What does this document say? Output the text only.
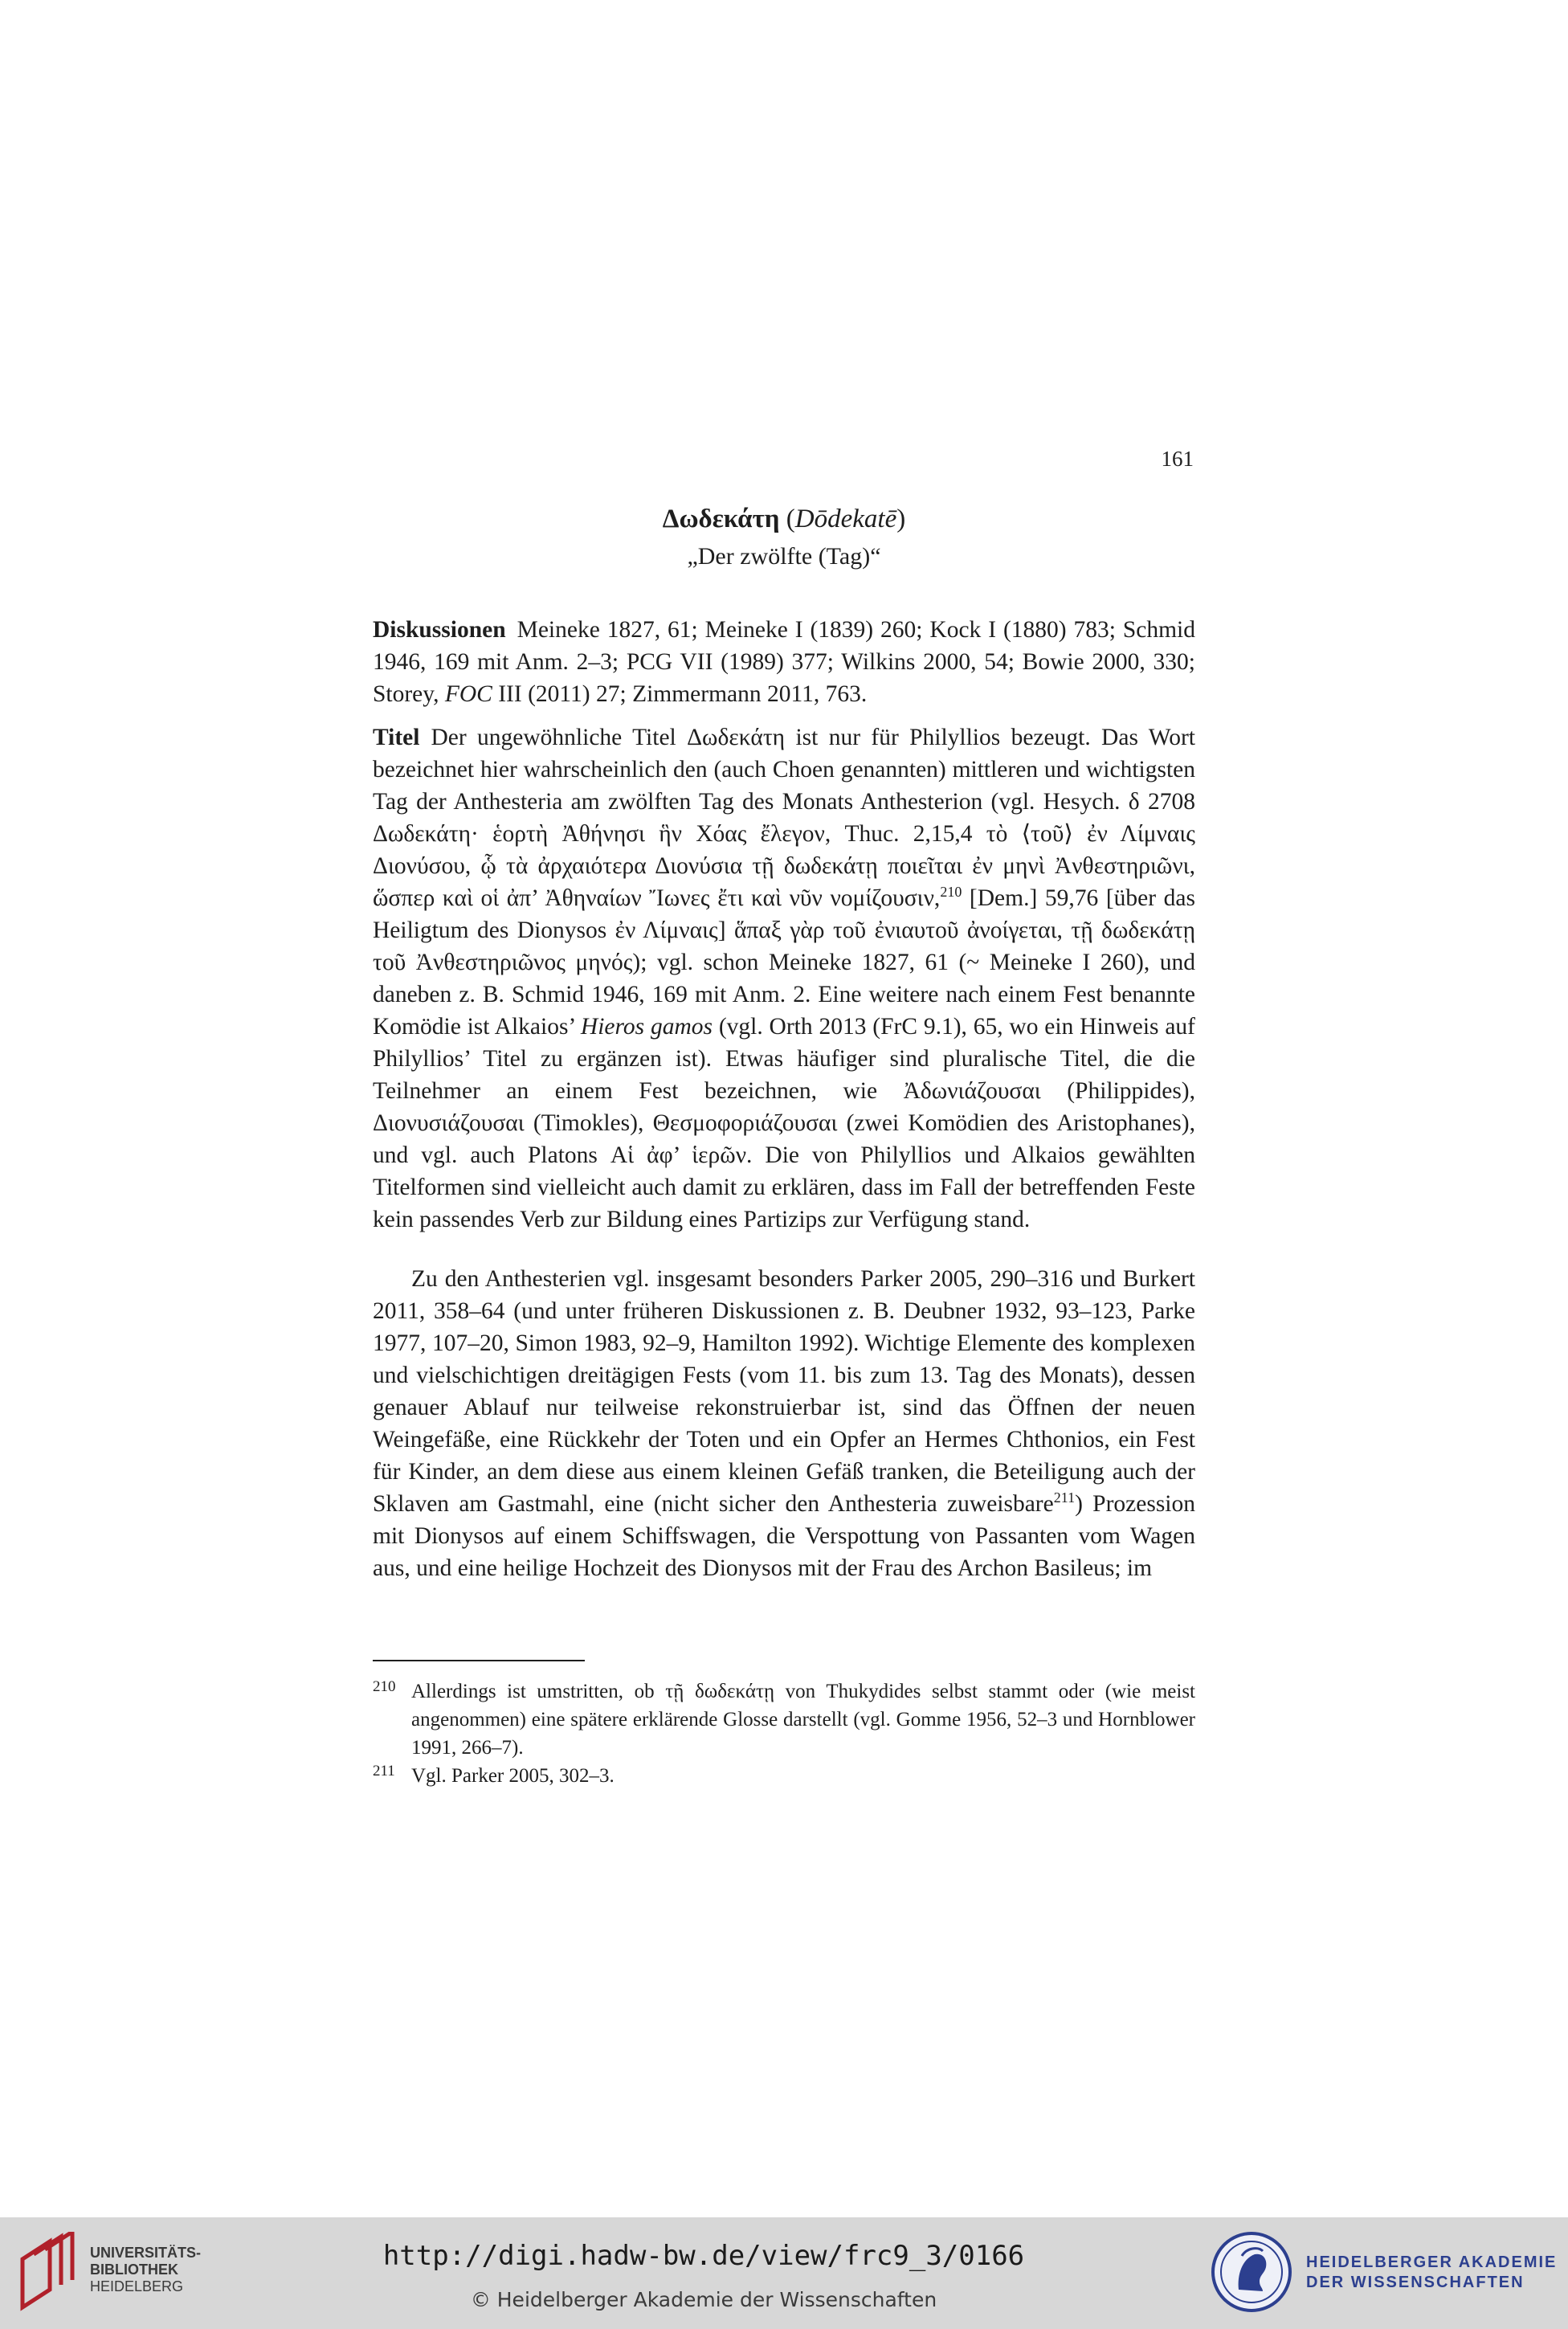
161
Δωδεκάτη (Dōdekatē)
„Der zwölfte (Tag)“
Diskussionen Meineke 1827, 61; Meineke I (1839) 260; Kock I (1880) 783; Schmid 1946, 169 mit Anm. 2–3; PCG VII (1989) 377; Wilkins 2000, 54; Bowie 2000, 330; Storey, FOC III (2011) 27; Zimmermann 2011, 763.
Titel Der ungewöhnliche Titel Δωδεκάτη ist nur für Philyllios bezeugt. Das Wort bezeichnet hier wahrscheinlich den (auch Choen genannten) mittleren und wichtigsten Tag der Anthesteria am zwölften Tag des Monats Anthesterion (vgl. Hesych. δ 2708 Δωδεκάτη· ἑορτὴ Ἀθήνησι ἣν Χόας ἔλεγον, Thuc. 2,15,4 τὸ ⟨τοῦ⟩ ἐν Λίμναις Διονύσου, ᾧ τὰ ἀρχαιότερα Διονύσια τῇ δωδεκάτῃ ποιεῖται ἐν μηνὶ Ἀνθεστηριῶνι, ὥσπερ καὶ οἱ ἀπ’ Ἀθηναίων Ἴωνες ἔτι καὶ νῦν νομίζουσιν,$^{210}$ [Dem.] 59,76 [über das Heiligtum des Dionysos ἐν Λίμναις] ἅπαξ γὰρ τοῦ ἐνιαυτοῦ ἀνοίγεται, τῇ δωδεκάτῃ τοῦ Ἀνθεστηριῶνος μηνός); vgl. schon Meineke 1827, 61 (~ Meineke I 260), und daneben z. B. Schmid 1946, 169 mit Anm. 2. Eine weitere nach einem Fest benannte Komödie ist Alkaios’ Hieros gamos (vgl. Orth 2013 (FrC 9.1), 65, wo ein Hinweis auf Philyllios’ Titel zu ergänzen ist). Etwas häufiger sind pluralische Titel, die die Teilnehmer an einem Fest bezeichnen, wie Ἀδωνιάζουσαι (Philippides), Διονυσιάζουσαι (Timokles), Θεσμοφοριάζουσαι (zwei Komödien des Aristophanes), und vgl. auch Platons Αἱ ἀφ’ ἱερῶν. Die von Philyllios und Alkaios gewählten Titelformen sind vielleicht auch damit zu erklären, dass im Fall der betreffenden Feste kein passendes Verb zur Bildung eines Partizips zur Verfügung stand.
Zu den Anthesterien vgl. insgesamt besonders Parker 2005, 290–316 und Burkert 2011, 358–64 (und unter früheren Diskussionen z. B. Deubner 1932, 93–123, Parke 1977, 107–20, Simon 1983, 92–9, Hamilton 1992). Wichtige Elemente des komplexen und vielschichtigen dreitägigen Fests (vom 11. bis zum 13. Tag des Monats), dessen genauer Ablauf nur teilweise rekonstruierbar ist, sind das Öffnen der neuen Weingefäße, eine Rückkehr der Toten und ein Opfer an Hermes Chthonios, ein Fest für Kinder, an dem diese aus einem kleinen Gefäß tranken, die Beteiligung auch der Sklaven am Gastmahl, eine (nicht sicher den Anthesteria zuweisbare$^{211}$) Prozession mit Dionysos auf einem Schiffswagen, die Verspottung von Passanten vom Wagen aus, und eine heilige Hochzeit des Dionysos mit der Frau des Archon Basileus; im
210 Allerdings ist umstritten, ob τῇ δωδεκάτῃ von Thukydides selbst stammt oder (wie meist angenommen) eine spätere erklärende Glosse darstellt (vgl. Gomme 1956, 52–3 und Hornblower 1991, 266–7).
211 Vgl. Parker 2005, 302–3.
UNIVERSITÄTS-
BIBLIOTHEK
HEIDELBERG
http://digi.hadw-bw.de/view/frc9_3/0166
© Heidelberger Akademie der Wissenschaften
HEIDELBERGER AKADEMIE
DER WISSENSCHAFTEN
